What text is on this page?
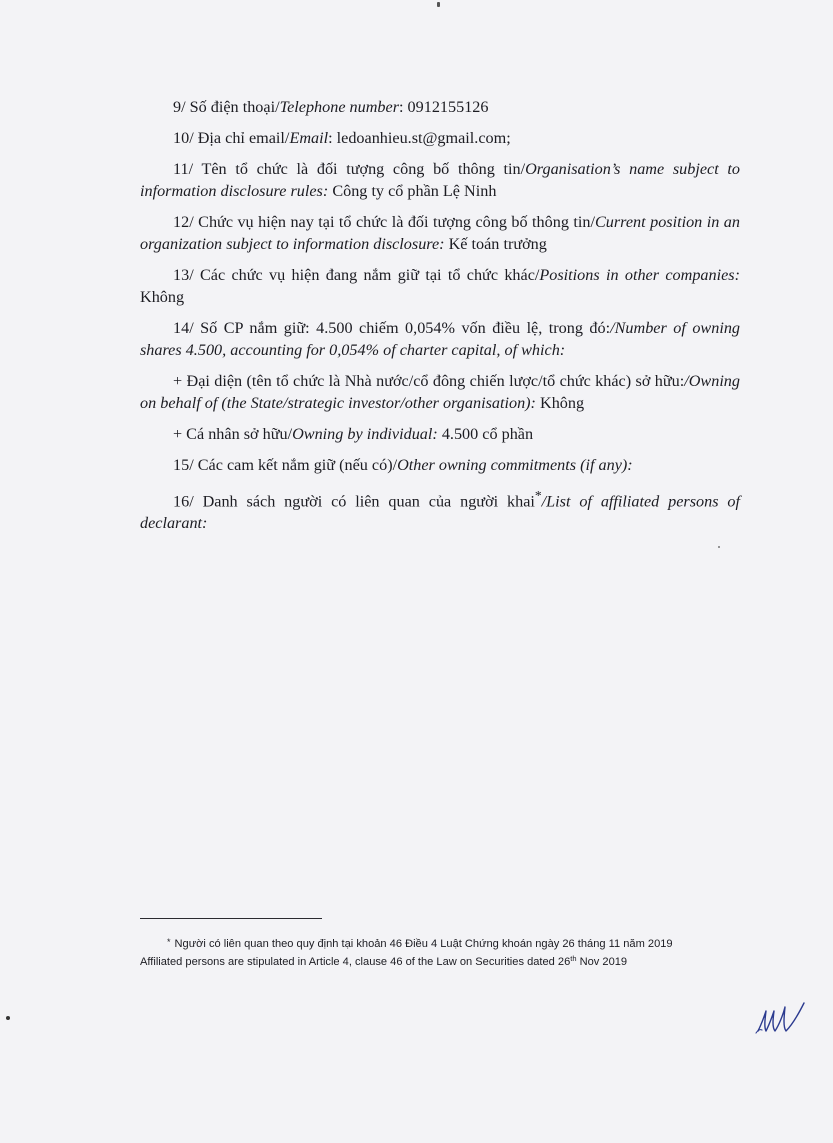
9/ Số điện thoại/Telephone number: 0912155126

10/ Địa chỉ email/Email: ledoanhieu.st@gmail.com;

11/ Tên tổ chức là đối tượng công bố thông tin/Organisation’s name subject to information disclosure rules: Công ty cổ phần Lệ Ninh

12/ Chức vụ hiện nay tại tổ chức là đối tượng công bố thông tin/Current position in an organization subject to information disclosure: Kế toán trưởng

13/ Các chức vụ hiện đang nắm giữ tại tổ chức khác/Positions in other companies: Không

14/ Số CP nắm giữ: 4.500 chiếm 0,054% vốn điều lệ, trong đó:/Number of owning shares 4.500, accounting for 0,054% of charter capital, of which:

+ Đại diện (tên tổ chức là Nhà nước/cổ đông chiến lược/tổ chức khác) sở hữu:/Owning on behalf of (the State/strategic investor/other organisation): Không

+ Cá nhân sở hữu/Owning by individual: 4.500 cổ phần

15/ Các cam kết nắm giữ (nếu có)/Other owning commitments (if any):

16/ Danh sách người có liên quan của người khai*/List of affiliated persons of declarant:

* Người có liên quan theo quy định tại khoản 46 Điều 4 Luật Chứng khoán ngày 26 tháng 11 năm 2019
Affiliated persons are stipulated in Article 4, clause 46 of the Law on Securities dated 26th Nov 2019
